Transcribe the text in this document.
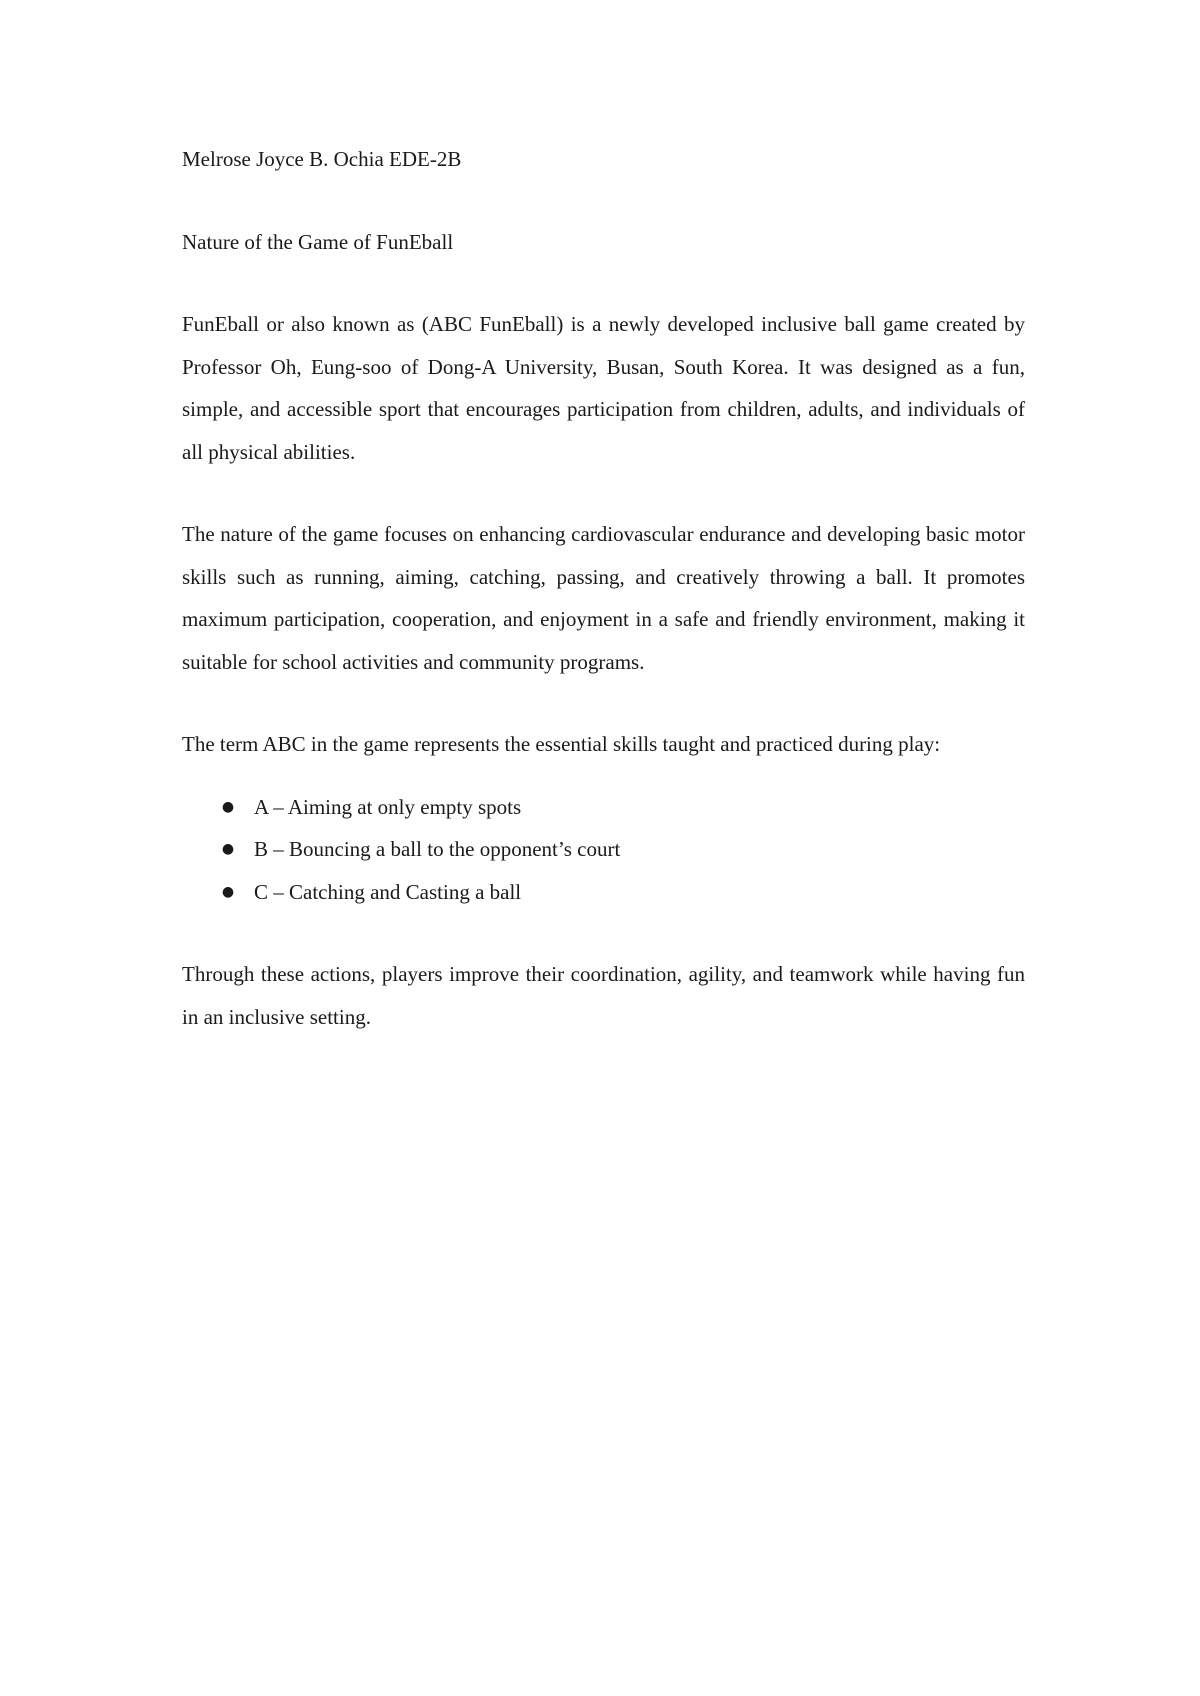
Melrose Joyce B. Ochia EDE-2B

Nature of the Game of FunEball

FunEball or also known as (ABC FunEball) is a newly developed inclusive ball game created by Professor Oh, Eung-soo of Dong-A University, Busan, South Korea. It was designed as a fun, simple, and accessible sport that encourages participation from children, adults, and individuals of all physical abilities.

The nature of the game focuses on enhancing cardiovascular endurance and developing basic motor skills such as running, aiming, catching, passing, and creatively throwing a ball. It promotes maximum participation, cooperation, and enjoyment in a safe and friendly environment, making it suitable for school activities and community programs.

The term ABC in the game represents the essential skills taught and practiced during play:

● A – Aiming at only empty spots
● B – Bouncing a ball to the opponent’s court
● C – Catching and Casting a ball

Through these actions, players improve their coordination, agility, and teamwork while having fun in an inclusive setting.
